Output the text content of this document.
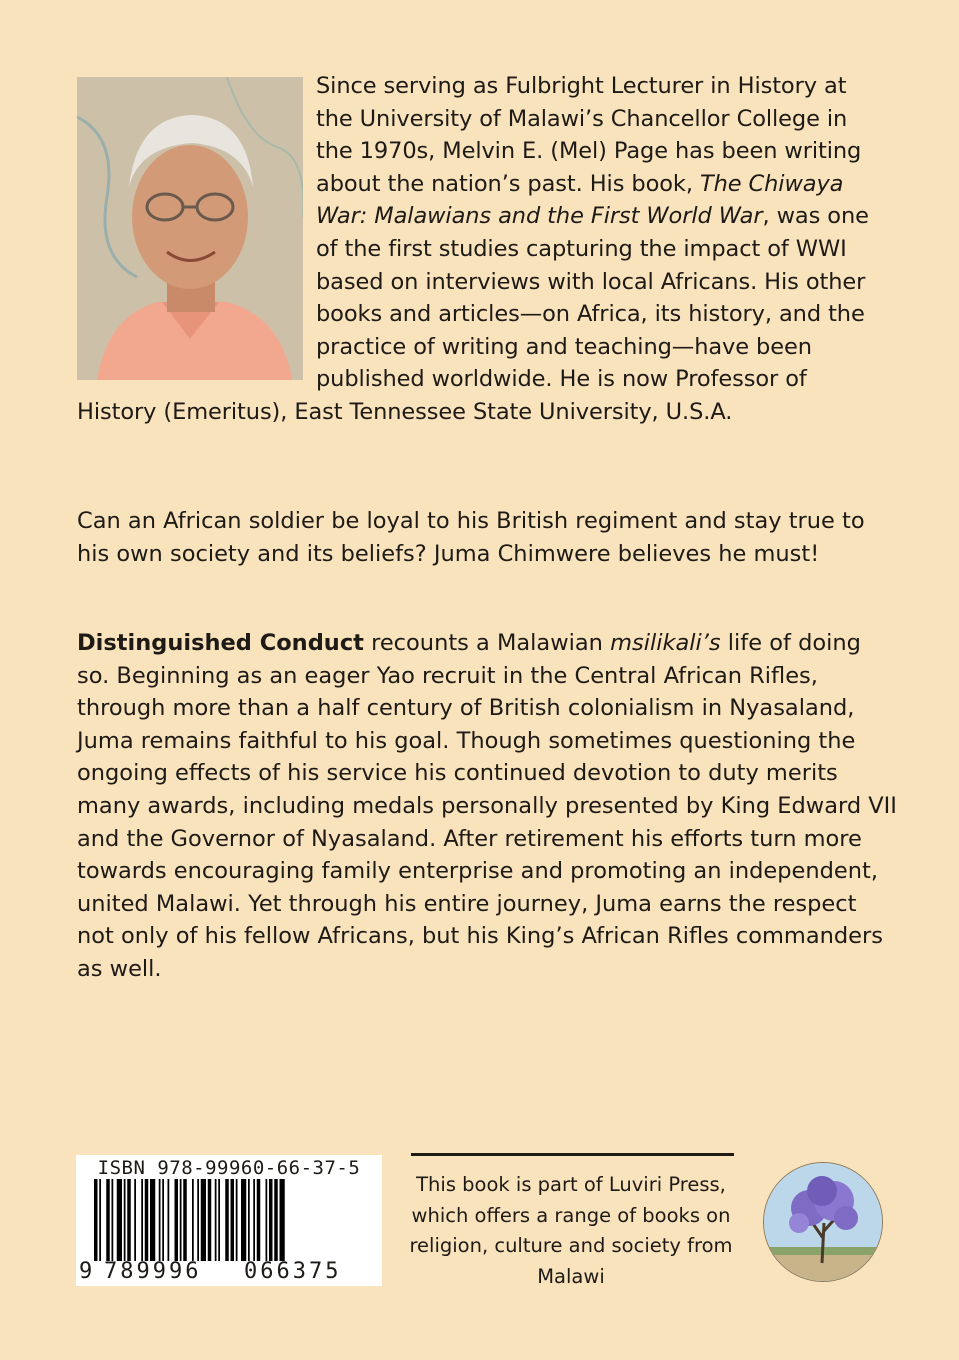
Since serving as Fulbright Lecturer in History at the University of Malawi’s Chancellor College in the 1970s, Melvin E. (Mel) Page has been writing about the nation’s past. His book, The Chiwaya War: Malawians and the First World War, was one of the first studies capturing the impact of WWI based on interviews with local Africans. His other books and articles—on Africa, its history, and the practice of writing and teaching—have been published worldwide. He is now Professor of History (Emeritus), East Tennessee State University, U.S.A.

Can an African soldier be loyal to his British regiment and stay true to his own society and its beliefs? Juma Chimwere believes he must!

Distinguished Conduct recounts a Malawian msilikali’s life of doing so. Beginning as an eager Yao recruit in the Central African Rifles, through more than a half century of British colonialism in Nyasaland, Juma remains faithful to his goal. Though sometimes questioning the ongoing effects of his service his continued devotion to duty merits many awards, including medals personally presented by King Edward VII and the Governor of Nyasaland. After retirement his efforts turn more towards encouraging family enterprise and promoting an independent, united Malawi. Yet through his entire journey, Juma earns the respect not only of his fellow Africans, but his King’s African Rifles commanders as well.

ISBN 978-99960-66-37-5
9 789996 066375

This book is part of Luviri Press, which offers a range of books on religion, culture and society from Malawi
